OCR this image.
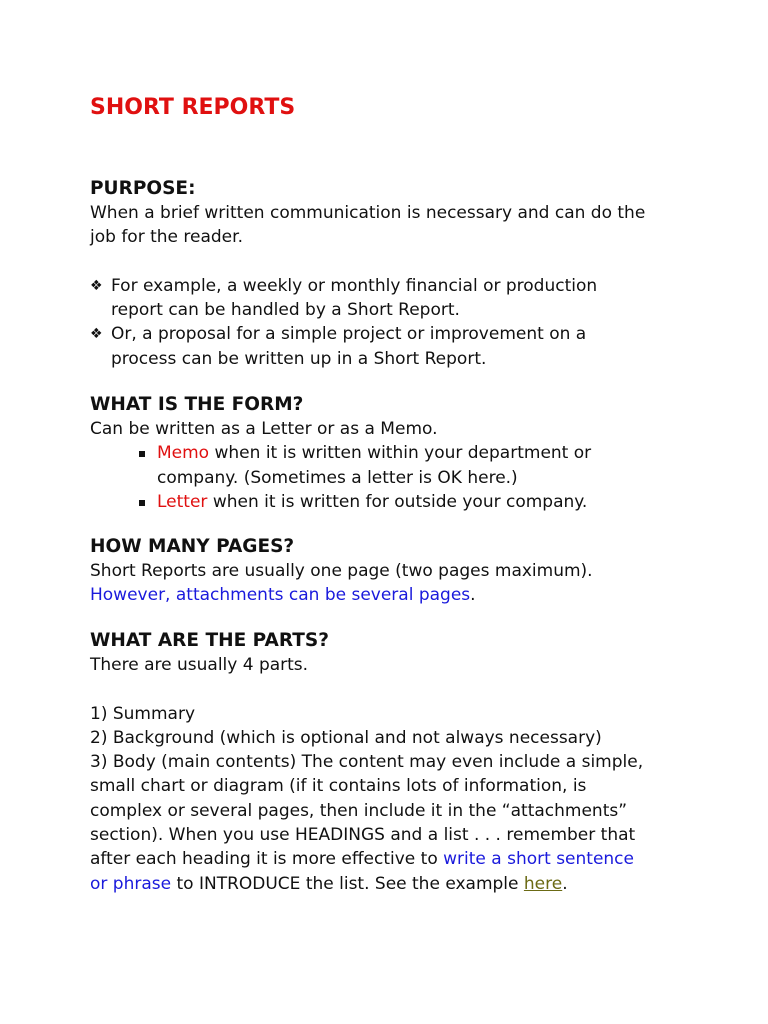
SHORT REPORTS
PURPOSE:

When a brief written communication is necessary and can do the

job for the reader.

❖ For example, a weekly or monthly financial or production
report can be handled by a Short Report.
❖ Or, a proposal for a simple project or improvement on a
process can be written up in a Short Report.
WHAT IS THE FORM?

Can be written as a Letter or as a Memo.

Memo when it is written within your department or
company. (Sometimes a letter is OK here.)
Letter when it is written for outside your company.
HOW MANY PAGES?

Short Reports are usually one page (two pages maximum).

However, attachments can be several pages.

WHAT ARE THE PARTS?

There are usually 4 parts.

1) Summary

2) Background (which is optional and not always necessary)

3) Body (main contents) The content may even include a simple,

small chart or diagram (if it contains lots of information, is

complex or several pages, then include it in the “attachments”

section). When you use HEADINGS and a list . . . remember that

after each heading it is more effective to write a short sentence

or phrase to INTRODUCE the list. See the example here.
